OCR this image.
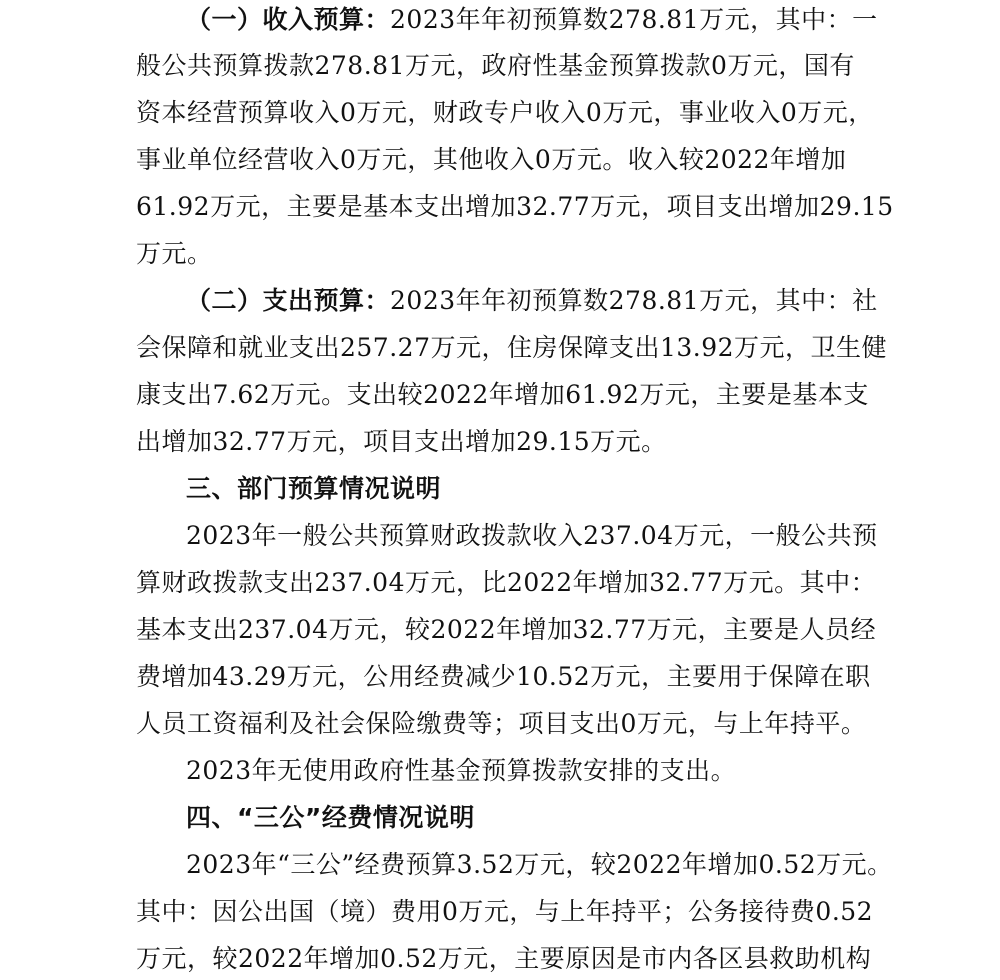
（一）收入预算：2023年年初预算数278.81万元，其中：一
般公共预算拨款278.81万元，政府性基金预算拨款0万元，国有
资本经营预算收入0万元，财政专户收入0万元，事业收入0万元，
事业单位经营收入0万元，其他收入0万元。收入较2022年增加
61.92万元，主要是基本支出增加32.77万元，项目支出增加29.15
万元。
（二）支出预算：2023年年初预算数278.81万元，其中：社
会保障和就业支出257.27万元，住房保障支出13.92万元，卫生健
康支出7.62万元。支出较2022年增加61.92万元，主要是基本支
出增加32.77万元，项目支出增加29.15万元。
三、部门预算情况说明
2023年一般公共预算财政拨款收入237.04万元，一般公共预
算财政拨款支出237.04万元，比2022年增加32.77万元。其中：
基本支出237.04万元，较2022年增加32.77万元，主要是人员经
费增加43.29万元，公用经费减少10.52万元，主要用于保障在职
人员工资福利及社会保险缴费等；项目支出0万元，与上年持平。
2023年无使用政府性基金预算拨款安排的支出。
四、“三公”经费情况说明
2023年“三公”经费预算3.52万元，较2022年增加0.52万元。
其中：因公出国（境）费用0万元，与上年持平；公务接待费0.52
万元，较2022年增加0.52万元，主要原因是市内各区县救助机构
